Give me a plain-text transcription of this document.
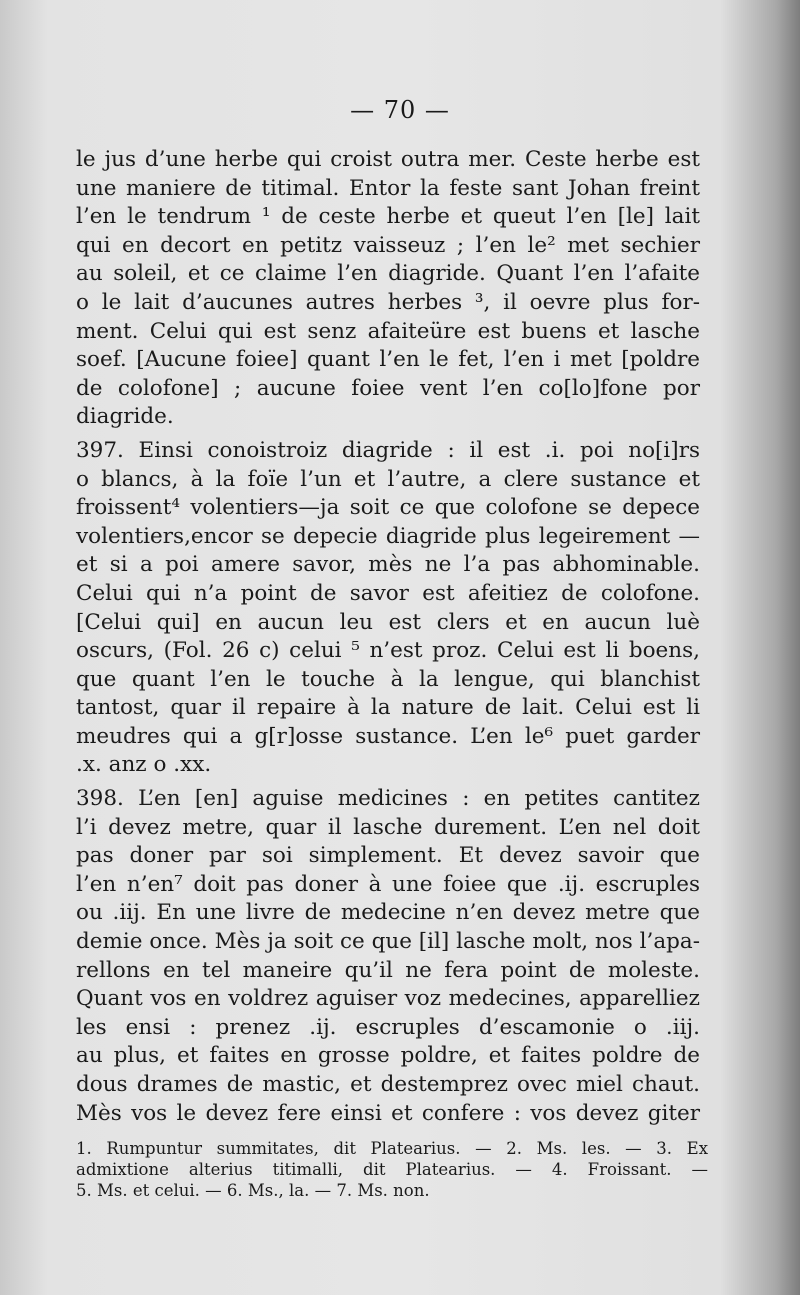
— 70 —
le jus d’une herbe qui croist outra mer. Ceste herbe est
une maniere de titimal. Entor la feste sant Johan freint
l’en le tendrum ¹ de ceste herbe et queut l’en [le] lait
qui en decort en petitz vaisseuz ; l’en le² met sechier
au soleil, et ce claime l’en diagride. Quant l’en l’afaite
o le lait d’aucunes autres herbes ³, il oevre plus for-
ment. Celui qui est senz afaiteüre est buens et lasche
soef. [Aucune foiee] quant l’en le fet, l’en i met [poldre
de colofone] ; aucune foiee vent l’en co[lo]fone por
diagride.
397. Einsi conoistroiz diagride : il est .i. poi no[i]rs
o blancs, à la foïe l’un et l’autre, a clere sustance et
froissent⁴ volentiers—ja soit ce que colofone se depece
volentiers,encor se depecie diagride plus legeirement —
et si a poi amere savor, mès ne l’a pas abhominable.
Celui qui n’a point de savor est afeitiez de colofone.
[Celui qui] en aucun leu est clers et en aucun luè
oscurs, (Fol. 26 c) celui ⁵ n’est proz. Celui est li boens,
que quant l’en le touche à la lengue, qui blanchist
tantost, quar il repaire à la nature de lait. Celui est li
meudres qui a g[r]osse sustance. L’en le⁶ puet garder
.x. anz o .xx.
398. L’en [en] aguise medicines : en petites cantitez
l’i devez metre, quar il lasche durement. L’en nel doit
pas doner par soi simplement. Et devez savoir que
l’en n’en⁷ doit pas doner à une foiee que .ij. escruples
ou .iij. En une livre de medecine n’en devez metre que
demie once. Mès ja soit ce que [il] lasche molt, nos l’apa-
rellons en tel maneire qu’il ne fera point de moleste.
Quant vos en voldrez aguiser voz medecines, apparelliez
les ensi : prenez .ij. escruples d’escamonie o .iij.
au plus, et faites en grosse poldre, et faites poldre de
dous drames de mastic, et destemprez ovec miel chaut.
Mès vos le devez fere einsi et confere : vos devez giter
1. Rumpuntur summitates, dit Platearius. — 2. Ms. les. — 3. Ex
admixtione alterius titimalli, dit Platearius. — 4. Froissant. —
5. Ms. et celui. — 6. Ms., la. — 7. Ms. non.
